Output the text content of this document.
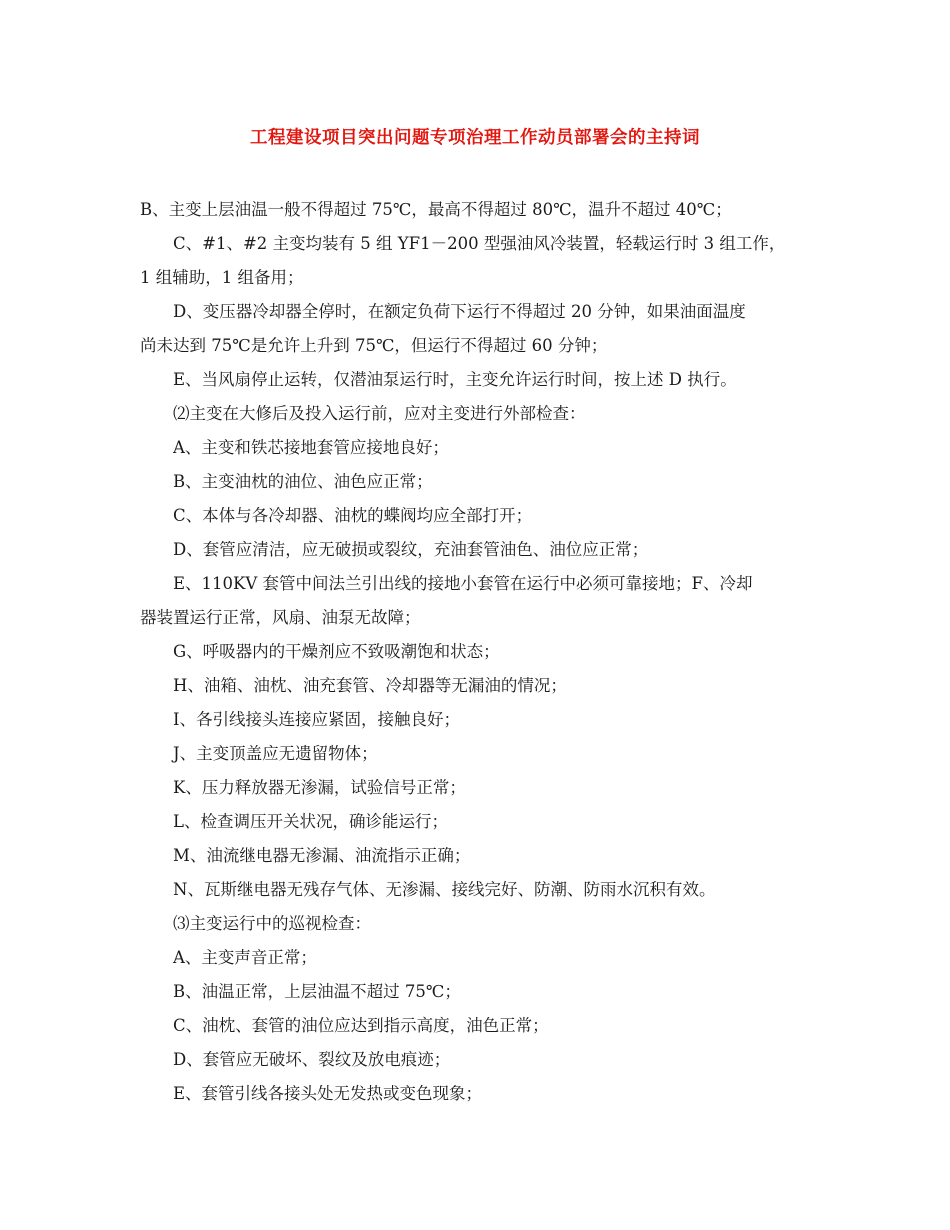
工程建设项目突出问题专项治理工作动员部署会的主持词
B、主变上层油温一般不得超过 75℃，最高不得超过 80℃，温升不超过 40℃；
C、#1、#2 主变均装有 5 组 YF1－200 型强油风冷装置，轻载运行时 3 组工作，
1 组辅助，1 组备用；
D、变压器冷却器全停时，在额定负荷下运行不得超过 20 分钟，如果油面温度
尚未达到 75℃是允许上升到 75℃，但运行不得超过 60 分钟；
E、当风扇停止运转，仅潜油泵运行时，主变允许运行时间，按上述 D 执行。
⑵主变在大修后及投入运行前，应对主变进行外部检查：
A、主变和铁芯接地套管应接地良好；
B、主变油枕的油位、油色应正常；
C、本体与各冷却器、油枕的蝶阀均应全部打开；
D、套管应清洁，应无破损或裂纹，充油套管油色、油位应正常；
E、110KV 套管中间法兰引出线的接地小套管在运行中必须可靠接地；F、冷却
器装置运行正常，风扇、油泵无故障；
G、呼吸器内的干燥剂应不致吸潮饱和状态；
H、油箱、油枕、油充套管、冷却器等无漏油的情况；
I、各引线接头连接应紧固，接触良好；
J、主变顶盖应无遗留物体；
K、压力释放器无渗漏，试验信号正常；
L、检查调压开关状况，确诊能运行；
M、油流继电器无渗漏、油流指示正确；
N、瓦斯继电器无残存气体、无渗漏、接线完好、防潮、防雨水沉积有效。
⑶主变运行中的巡视检查：
A、主变声音正常；
B、油温正常，上层油温不超过 75℃；
C、油枕、套管的油位应达到指示高度，油色正常；
D、套管应无破坏、裂纹及放电痕迹；
E、套管引线各接头处无发热或变色现象；
